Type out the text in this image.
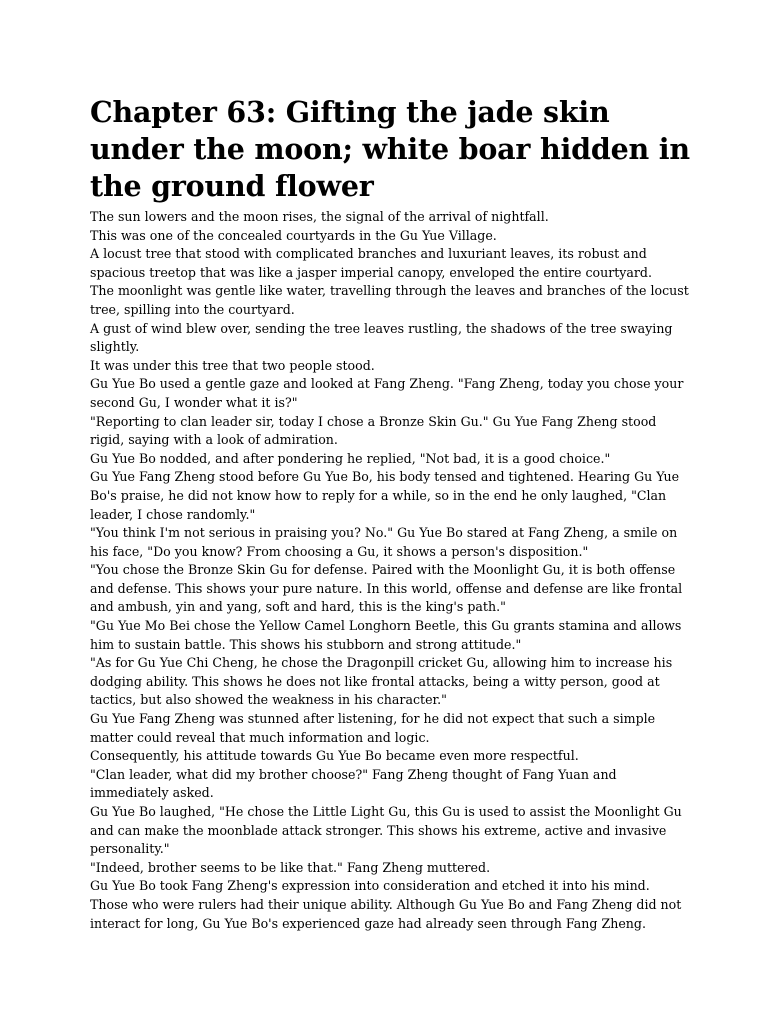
Chapter 63: Gifting the jade skin under the moon; white boar hidden in the ground flower

The sun lowers and the moon rises, the signal of the arrival of nightfall.

This was one of the concealed courtyards in the Gu Yue Village.

A locust tree that stood with complicated branches and luxuriant leaves, its robust and spacious treetop that was like a jasper imperial canopy, enveloped the entire courtyard.

The moonlight was gentle like water, travelling through the leaves and branches of the locust tree, spilling into the courtyard.

A gust of wind blew over, sending the tree leaves rustling, the shadows of the tree swaying slightly.

It was under this tree that two people stood.

Gu Yue Bo used a gentle gaze and looked at Fang Zheng. "Fang Zheng, today you chose your second Gu, I wonder what it is?"

"Reporting to clan leader sir, today I chose a Bronze Skin Gu." Gu Yue Fang Zheng stood rigid, saying with a look of admiration.

Gu Yue Bo nodded, and after pondering he replied, "Not bad, it is a good choice."

Gu Yue Fang Zheng stood before Gu Yue Bo, his body tensed and tightened. Hearing Gu Yue Bo's praise, he did not know how to reply for a while, so in the end he only laughed, "Clan leader, I chose randomly."

"You think I'm not serious in praising you? No." Gu Yue Bo stared at Fang Zheng, a smile on his face, "Do you know? From choosing a Gu, it shows a person's disposition."

"You chose the Bronze Skin Gu for defense. Paired with the Moonlight Gu, it is both offense and defense. This shows your pure nature. In this world, offense and defense are like frontal and ambush, yin and yang, soft and hard, this is the king's path."

"Gu Yue Mo Bei chose the Yellow Camel Longhorn Beetle, this Gu grants stamina and allows him to sustain battle. This shows his stubborn and strong attitude."

"As for Gu Yue Chi Cheng, he chose the Dragonpill cricket Gu, allowing him to increase his dodging ability. This shows he does not like frontal attacks, being a witty person, good at tactics, but also showed the weakness in his character."

Gu Yue Fang Zheng was stunned after listening, for he did not expect that such a simple matter could reveal that much information and logic.

Consequently, his attitude towards Gu Yue Bo became even more respectful.

"Clan leader, what did my brother choose?" Fang Zheng thought of Fang Yuan and immediately asked.

Gu Yue Bo laughed, "He chose the Little Light Gu, this Gu is used to assist the Moonlight Gu and can make the moonblade attack stronger. This shows his extreme, active and invasive personality."

"Indeed, brother seems to be like that." Fang Zheng muttered.

Gu Yue Bo took Fang Zheng's expression into consideration and etched it into his mind.

Those who were rulers had their unique ability. Although Gu Yue Bo and Fang Zheng did not interact for long, Gu Yue Bo's experienced gaze had already seen through Fang Zheng.
